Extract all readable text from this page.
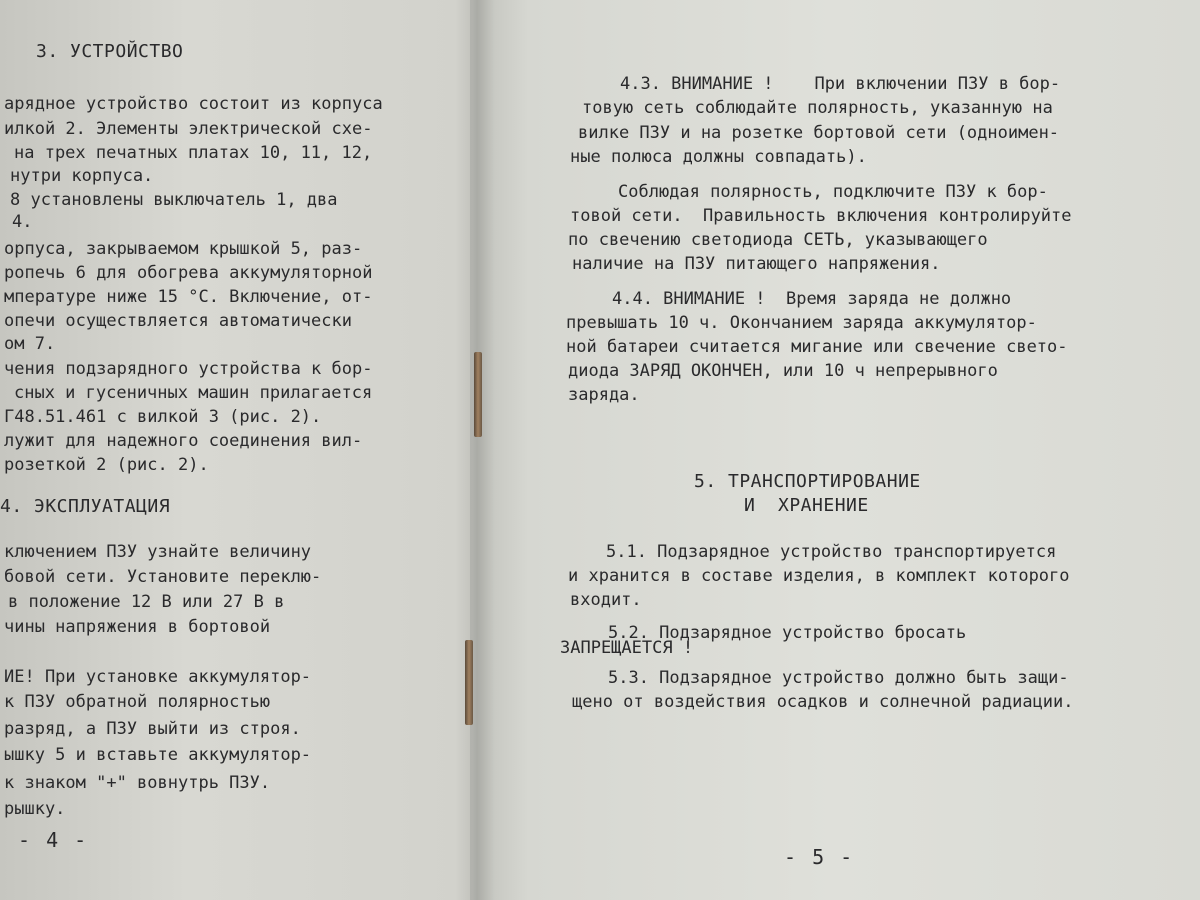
3. УСТРОЙСТВО
арядное устройство состоит из корпуса
илкой 2. Элементы электрической схе-
на трех печатных платах 10, 11, 12,
нутри корпуса.
8 установлены выключатель 1, два
4.
орпуса, закрываемом крышкой 5, раз-
ропечь 6 для обогрева аккумуляторной
мпературе ниже 15 °С. Включение, от-
опечи осуществляется автоматически
ом 7.
чения подзарядного устройства к бор-
сных и гусеничных машин прилагается
Г48.51.461 с вилкой 3 (рис. 2).
лужит для надежного соединения вил-
розеткой 2 (рис. 2).
4. ЭКСПЛУАТАЦИЯ
ключением ПЗУ узнайте величину
бовой сети. Установите переклю-
в положение 12 В или 27 В в
чины напряжения в бортовой
ИЕ! При установке аккумулятор-
к ПЗУ обратной полярностью
разряд, а ПЗУ выйти из строя.
ышку 5 и вставьте аккумулятор-
к знаком "+" вовнутрь ПЗУ.
рышку.
- 4 -
4.3. ВНИМАНИЕ !    При включении ПЗУ в бор-
товую сеть соблюдайте полярность, указанную на
вилке ПЗУ и на розетке бортовой сети (одноимен-
ные полюса должны совпадать).
Соблюдая полярность, подключите ПЗУ к бор-
товой сети.  Правильность включения контролируйте
по свечению светодиода СЕТЬ, указывающего
наличие на ПЗУ питающего напряжения.
4.4. ВНИМАНИЕ !  Время заряда не должно
превышать 10 ч. Окончанием заряда аккумулятор-
ной батареи считается мигание или свечение свето-
диода ЗАРЯД ОКОНЧЕН, или 10 ч непрерывного
заряда.
5. ТРАНСПОРТИРОВАНИЕ
И  ХРАНЕНИЕ
5.1. Подзарядное устройство транспортируется
и хранится в составе изделия, в комплект которого
входит.
5.2. Подзарядное устройство бросать
ЗАПРЕЩАЕТСЯ !
5.3. Подзарядное устройство должно быть защи-
щено от воздействия осадков и солнечной радиации.
- 5 -
